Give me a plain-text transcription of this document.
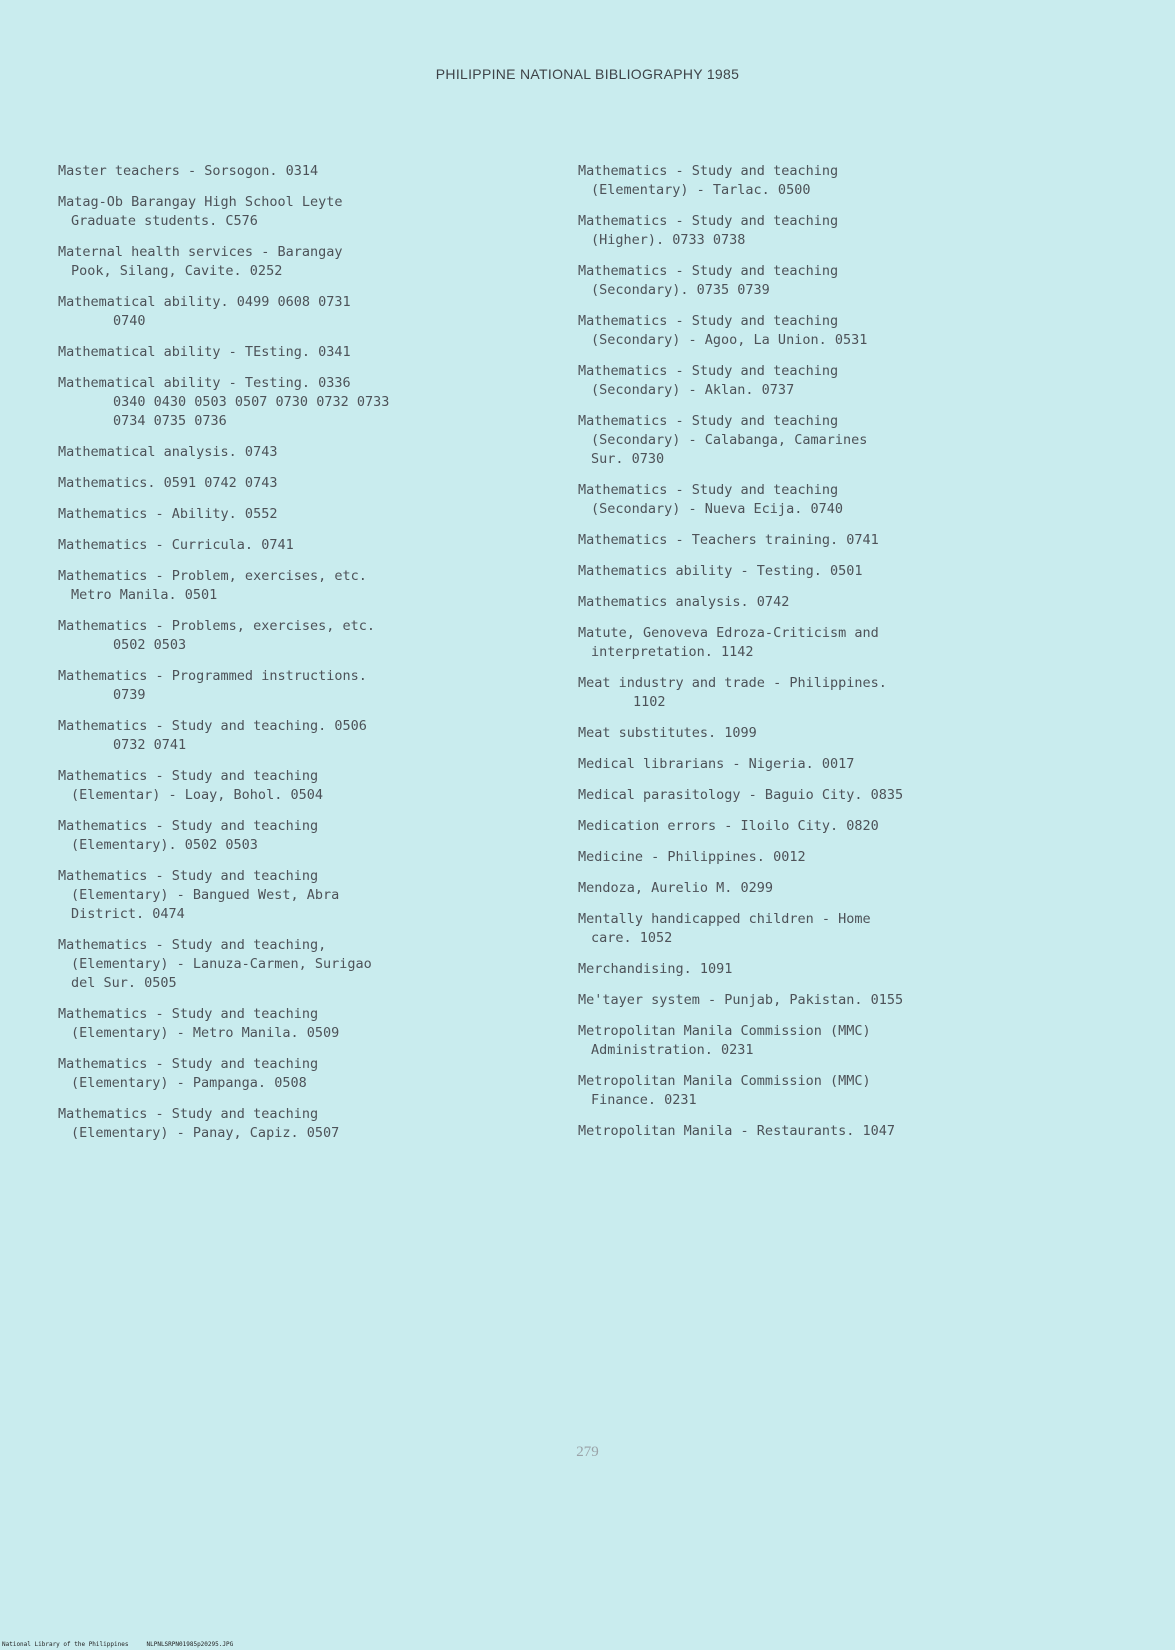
PHILIPPINE NATIONAL BIBLIOGRAPHY 1985
Master teachers - Sorsogon. 0314
Matag-Ob Barangay High School Leyte
Graduate students. C576
Maternal health services - Barangay
Pook, Silang, Cavite. 0252
Mathematical ability. 0499 0608 0731
0740
Mathematical ability - TEsting. 0341
Mathematical ability - Testing. 0336
0340 0430 0503 0507 0730 0732 0733
0734 0735 0736
Mathematical analysis. 0743
Mathematics. 0591 0742 0743
Mathematics - Ability. 0552
Mathematics - Curricula. 0741
Mathematics - Problem, exercises, etc.
Metro Manila. 0501
Mathematics - Problems, exercises, etc.
0502 0503
Mathematics - Programmed instructions.
0739
Mathematics - Study and teaching. 0506
0732 0741
Mathematics - Study and teaching
(Elementar) - Loay, Bohol. 0504
Mathematics - Study and teaching
(Elementary). 0502 0503
Mathematics - Study and teaching
(Elementary) - Bangued West, Abra
District. 0474
Mathematics - Study and teaching,
(Elementary) - Lanuza-Carmen, Surigao
del Sur. 0505
Mathematics - Study and teaching
(Elementary) - Metro Manila. 0509
Mathematics - Study and teaching
(Elementary) - Pampanga. 0508
Mathematics - Study and teaching
(Elementary) - Panay, Capiz. 0507
Mathematics - Study and teaching
(Elementary) - Tarlac. 0500
Mathematics - Study and teaching
(Higher). 0733 0738
Mathematics - Study and teaching
(Secondary). 0735 0739
Mathematics - Study and teaching
(Secondary) - Agoo, La Union. 0531
Mathematics - Study and teaching
(Secondary) - Aklan. 0737
Mathematics - Study and teaching
(Secondary) - Calabanga, Camarines
Sur. 0730
Mathematics - Study and teaching
(Secondary) - Nueva Ecija. 0740
Mathematics - Teachers training. 0741
Mathematics ability - Testing. 0501
Mathematics analysis. 0742
Matute, Genoveva Edroza-Criticism and
interpretation. 1142
Meat industry and trade - Philippines.
1102
Meat substitutes. 1099
Medical librarians - Nigeria. 0017
Medical parasitology - Baguio City. 0835
Medication errors - Iloilo City. 0820
Medicine - Philippines. 0012
Mendoza, Aurelio M. 0299
Mentally handicapped children - Home
care. 1052
Merchandising. 1091
Me'tayer system - Punjab, Pakistan. 0155
Metropolitan Manila Commission (MMC)
Administration. 0231
Metropolitan Manila Commission (MMC)
Finance. 0231
Metropolitan Manila - Restaurants. 1047
279
National Library of the Philippines     NLPNLSRPN01985p20295.JPG
